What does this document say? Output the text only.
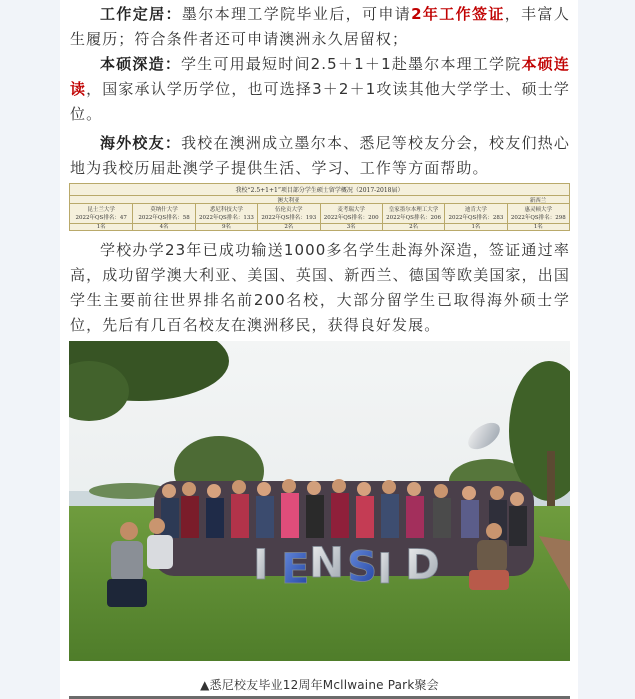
工作定居：墨尔本理工学院毕业后，可申请2年工作签证，丰富人生履历；符合条件者还可申请澳洲永久居留权；

本硕深造：学生可用最短时间2.5＋1＋1赴墨尔本理工学院本硕连读，国家承认学历学位，也可选择3＋2＋1攻读其他大学学士、硕士学位。

海外校友：我校在澳洲成立墨尔本、悉尼等校友分会，校友们热心地为我校历届赴澳学子提供生活、学习、工作等方面帮助。

我校“2.5+1+1”项目部分学生硕士留学概况（2017-2018届）
澳大利亚	新西兰
昆士兰大学
2022年QS排名：47
1名
莫纳什大学
2022年QS排名：58
4名
悉尼科技大学
2022年QS排名：133
9名
伍伦贡大学
2022年QS排名：193
2名
麦考瑞大学
2022年QS排名：200
3名
皇家墨尔本理工大学
2022年QS排名：206
2名
迪肯大学
2022年QS排名：283
1名
惠灵顿大学
2022年QS排名：298
1名

学校办学23年已成功输送1000多名学生赴海外深造，签证通过率高，成功留学澳大利亚、美国、英国、新西兰、德国等欧美国家，出国学生主要前往世界排名前200名校，大部分留学生已取得海外硕士学位，先后有几百名校友在澳洲移民，获得良好发展。

I E N S I D
▲悉尼校友毕业12周年Mcllwaine Park聚会
